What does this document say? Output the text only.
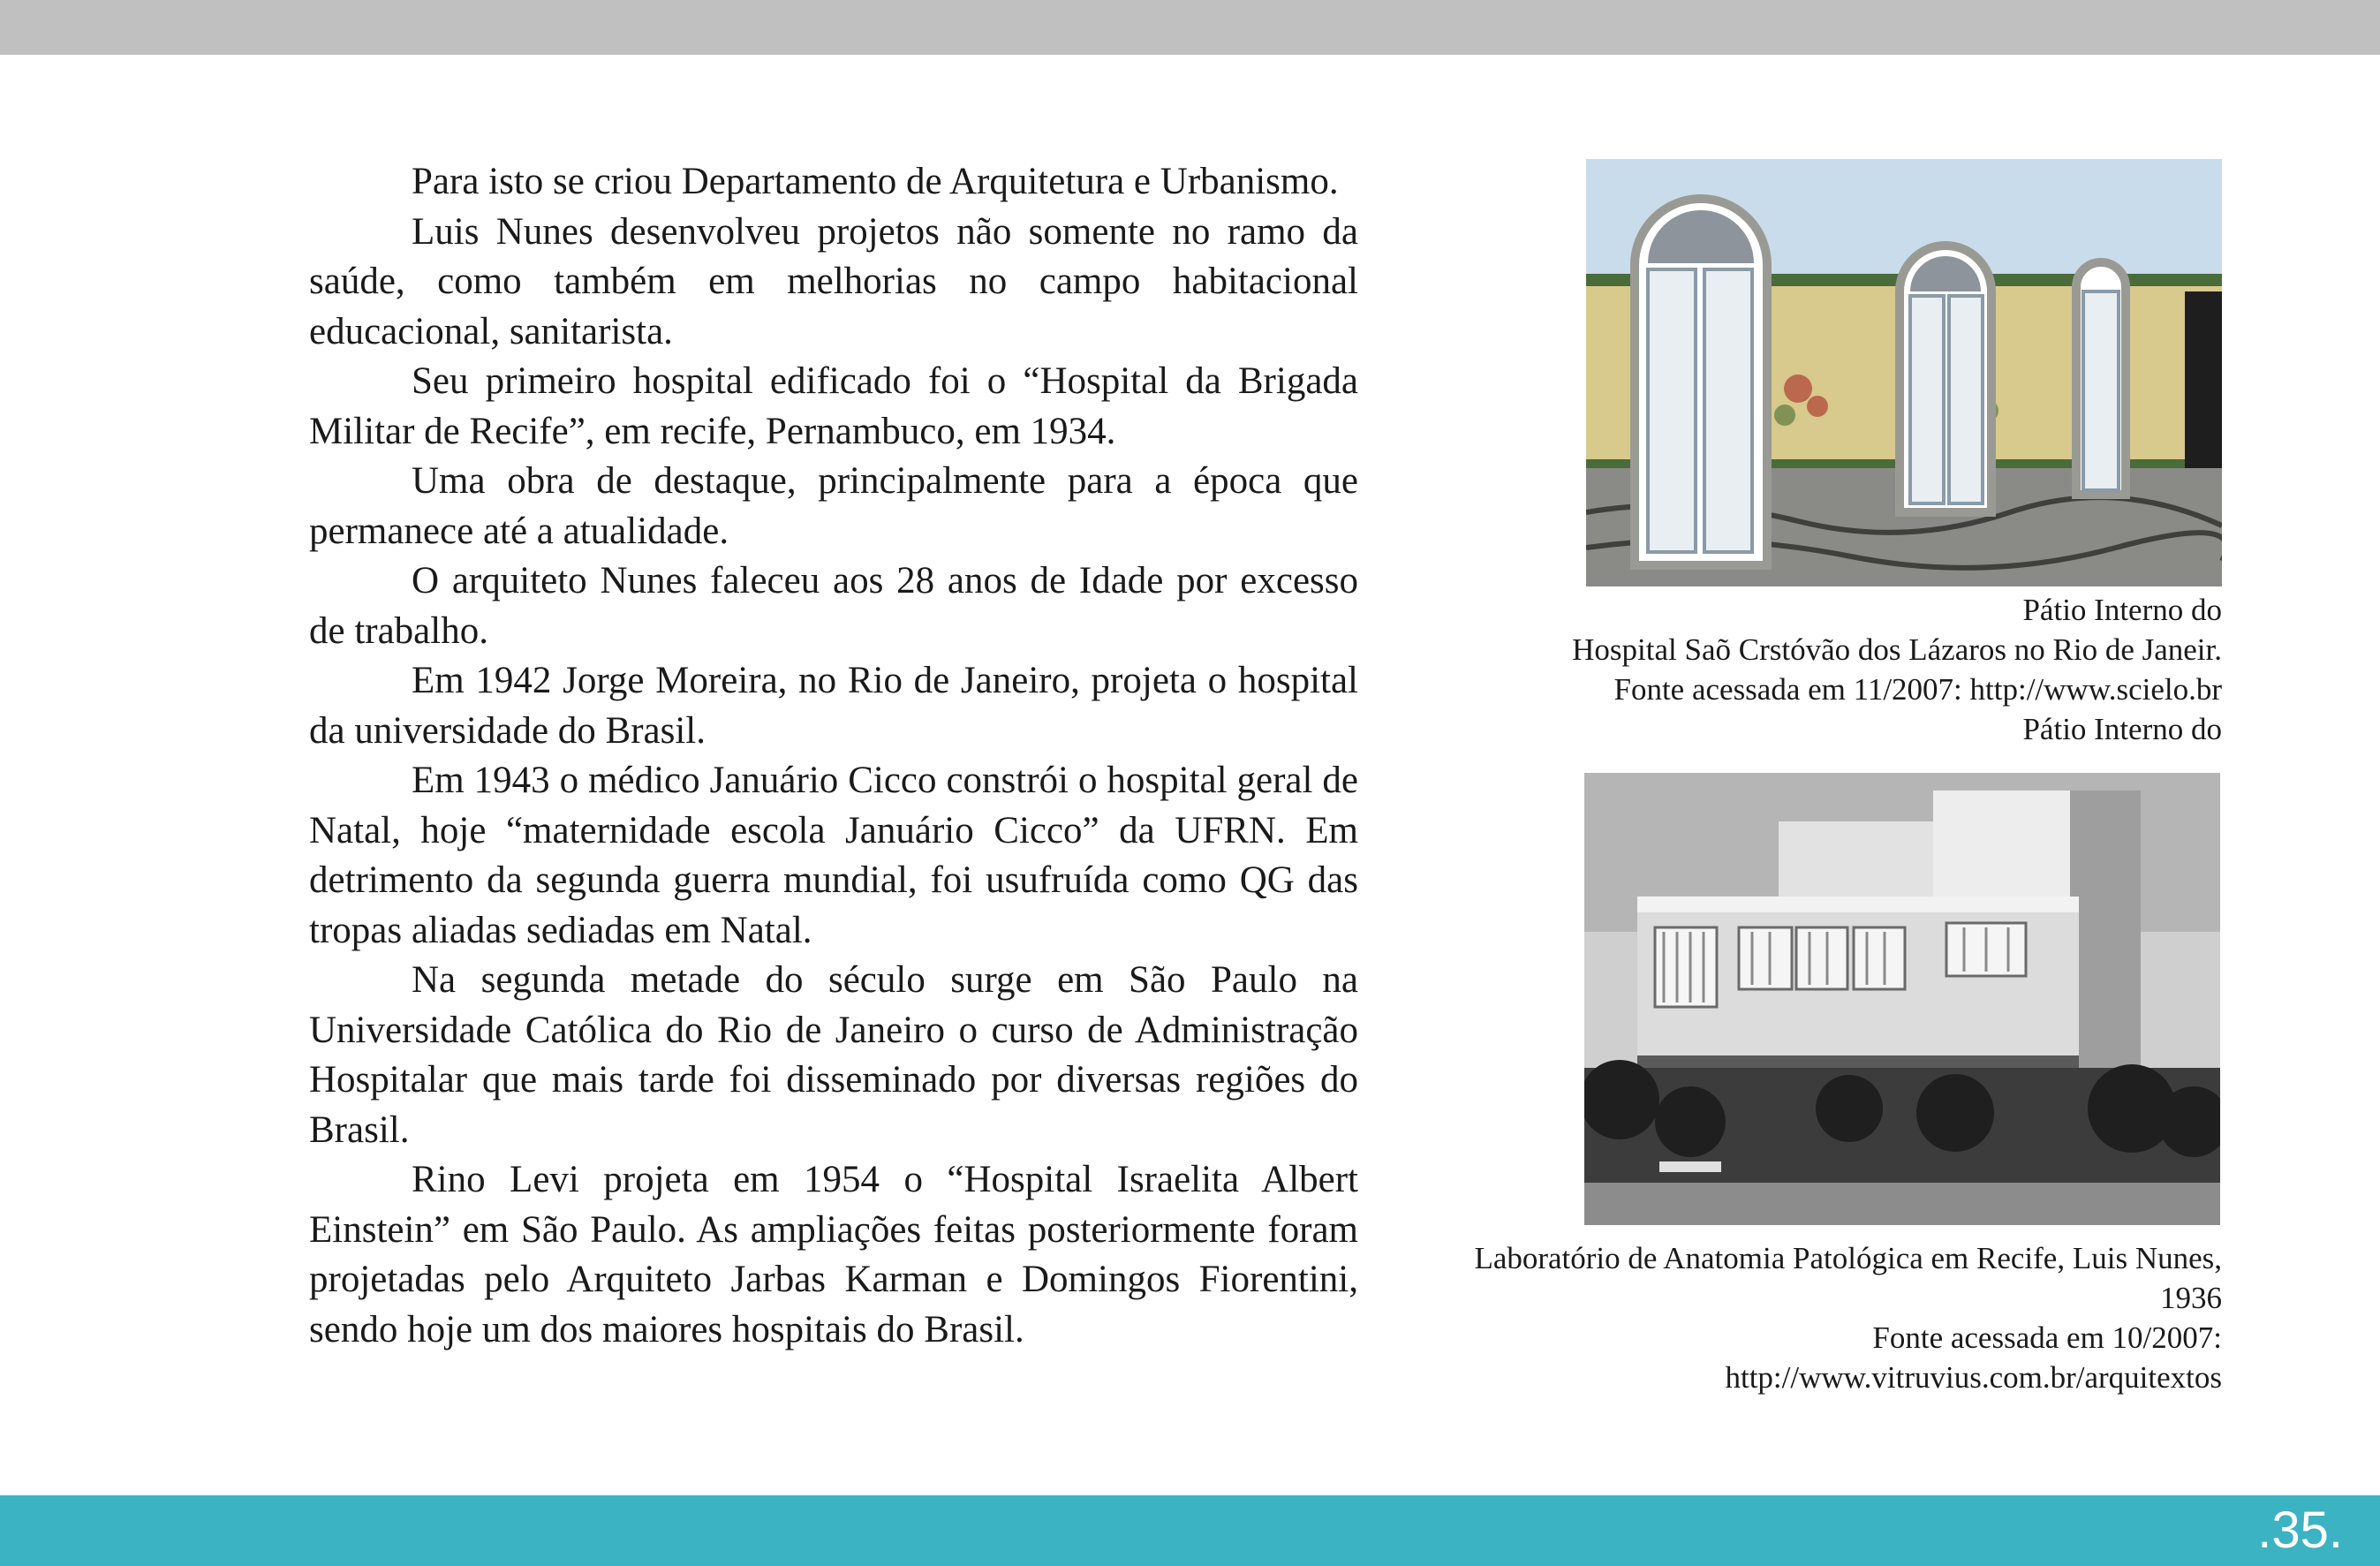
Para isto se criou Departamento de Arquitetura e Urbanismo.

Luis Nunes desenvolveu projetos não somente no ramo da saúde, como também em melhorias no campo habitacional educacional, sanitarista.

Seu primeiro hospital edificado foi o “Hospital da Brigada Militar de Recife”, em recife, Pernambuco, em 1934.

Uma obra de destaque, principalmente para a época que permanece até a atualidade.

O arquiteto Nunes faleceu aos 28 anos de Idade por excesso de trabalho.

Em 1942 Jorge Moreira, no Rio de Janeiro, projeta o hospital da universidade do Brasil.

Em 1943 o médico Januário Cicco constrói o hospital geral de Natal, hoje “maternidade escola Januário Cicco” da UFRN. Em detrimento da segunda guerra mundial, foi usufruída como QG das tropas aliadas sediadas em Natal.

Na segunda metade do século surge em São Paulo na Universidade Católica do Rio de Janeiro o curso de Administração Hospitalar que mais tarde foi disseminado por diversas regiões do Brasil.

Rino Levi projeta em 1954 o “Hospital Israelita Albert Einstein” em São Paulo. As ampliações feitas posteriormente foram projetadas pelo Arquiteto Jarbas Karman e Domingos Fiorentini, sendo hoje um dos maiores hospitais do Brasil.

Pátio Interno do
Hospital Saõ Crstóvão dos Lázaros no Rio de Janeir.
Fonte acessada em 11/2007: http://www.scielo.br
Pátio Interno do
Laboratório de Anatomia Patológica em Recife, Luis Nunes, 1936
Fonte acessada em 10/2007:
http://www.vitruvius.com.br/arquitextos
.35.
